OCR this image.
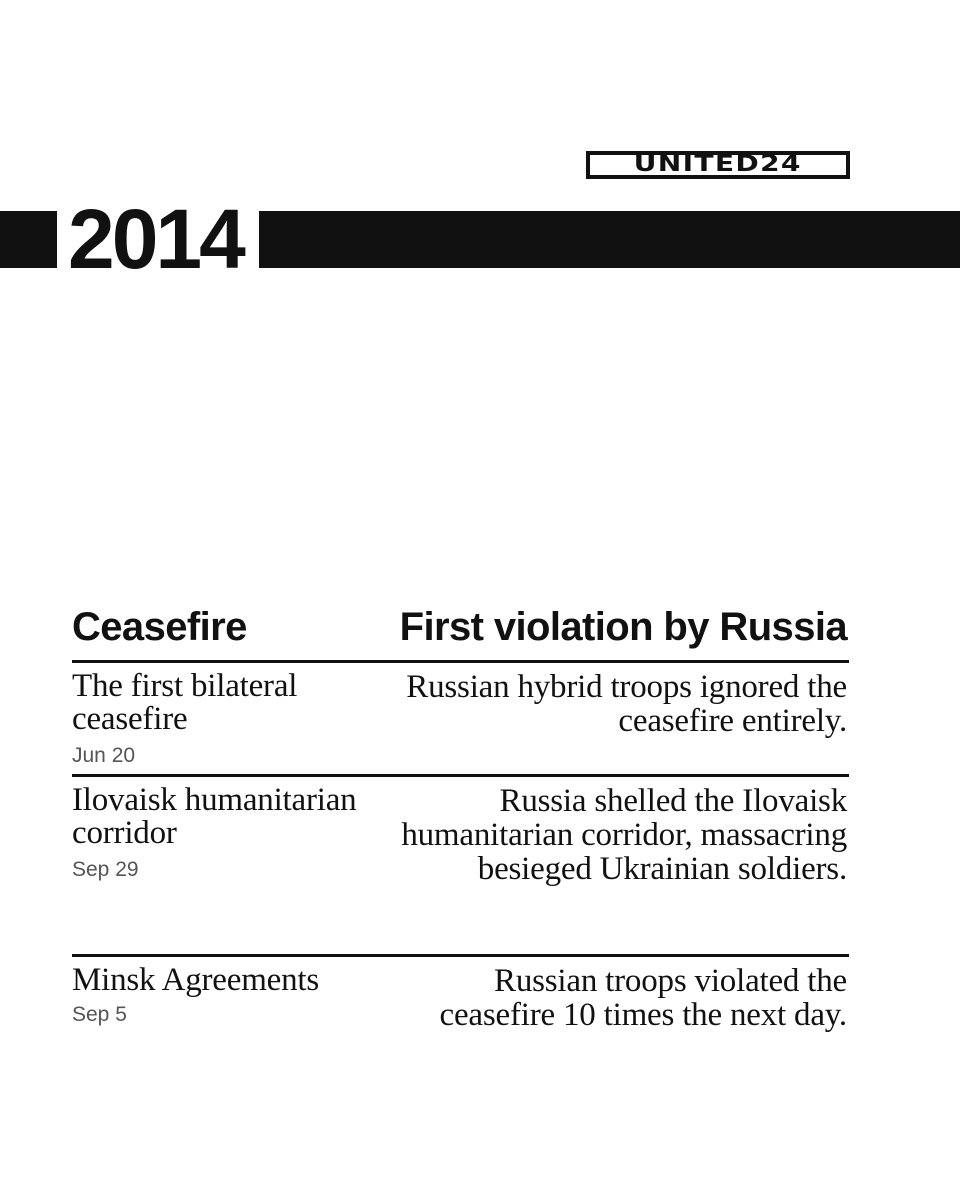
UNITED24
2014
Ceasefire	First violation by Russia
The first bilateral ceasefire
Jun 20
Russian hybrid troops ignored the ceasefire entirely.
Ilovaisk humanitarian corridor
Sep 29
Russia shelled the Ilovaisk humanitarian corridor, massacring besieged Ukrainian soldiers.
Minsk Agreements
Sep 5
Russian troops violated the ceasefire 10 times the next day.
